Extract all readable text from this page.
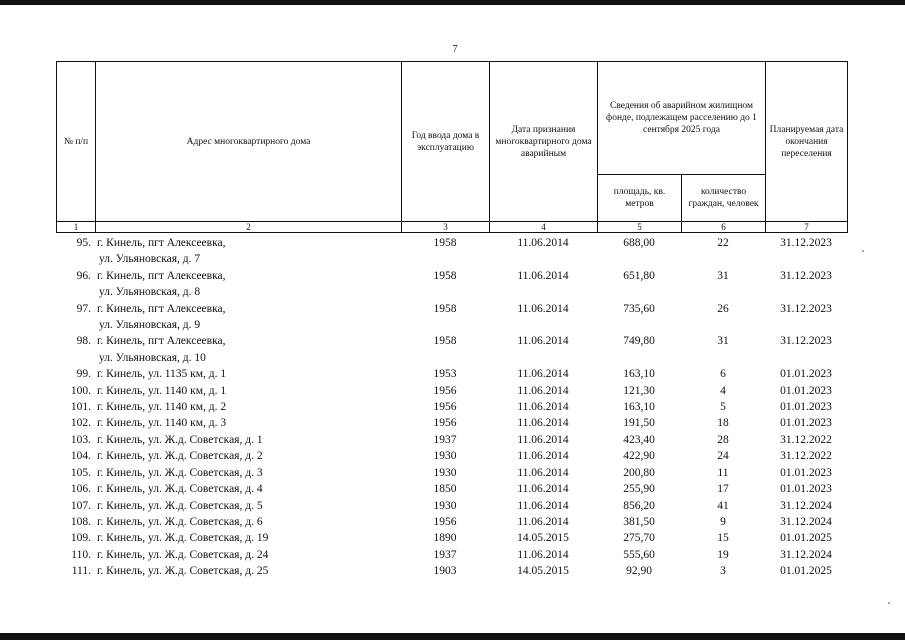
7
№ п/п	Адрес многоквартирного дома	Год ввода дома в эксплуатацию	Дата признания многоквартирного дома аварийным	Сведения об аварийном жилищном фонде, подлежащем расселению до 1 сентября 2025 года		Планируемая дата окончания переселения
				площадь, кв. метров	количество граждан, человек	
1	2	3	4	5	6	7
95.	г. Кинель, пгт Алексеевка,
ул. Ульяновская, д. 7	1958	11.06.2014	688,00	22	31.12.2023
96.	г. Кинель, пгт Алексеевка,
ул. Ульяновская, д. 8	1958	11.06.2014	651,80	31	31.12.2023
97.	г. Кинель, пгт Алексеевка,
ул. Ульяновская, д. 9	1958	11.06.2014	735,60	26	31.12.2023
98.	г. Кинель, пгт Алексеевка,
ул. Ульяновская, д. 10	1958	11.06.2014	749,80	31	31.12.2023
99.	г. Кинель, ул. 1135 км, д. 1	1953	11.06.2014	163,10	6	01.01.2023
100.	г. Кинель, ул. 1140 км, д. 1	1956	11.06.2014	121,30	4	01.01.2023
101.	г. Кинель, ул. 1140 км, д. 2	1956	11.06.2014	163,10	5	01.01.2023
102.	г. Кинель, ул. 1140 км, д. 3	1956	11.06.2014	191,50	18	01.01.2023
103.	г. Кинель, ул. Ж.д. Советская, д. 1	1937	11.06.2014	423,40	28	31.12.2022
104.	г. Кинель, ул. Ж.д. Советская, д. 2	1930	11.06.2014	422,90	24	31.12.2022
105.	г. Кинель, ул. Ж.д. Советская, д. 3	1930	11.06.2014	200,80	11	01.01.2023
106.	г. Кинель, ул. Ж.д. Советская, д. 4	1850	11.06.2014	255,90	17	01.01.2023
107.	г. Кинель, ул. Ж.д. Советская, д. 5	1930	11.06.2014	856,20	41	31.12.2024
108.	г. Кинель, ул. Ж.д. Советская, д. 6	1956	11.06.2014	381,50	9	31.12.2024
109.	г. Кинель, ул. Ж.д. Советская, д. 19	1890	14.05.2015	275,70	15	01.01.2025
110.	г. Кинель, ул. Ж.д. Советская, д. 24	1937	11.06.2014	555,60	19	31.12.2024
111.	г. Кинель, ул. Ж.д. Советская, д. 25	1903	14.05.2015	92,90	3	01.01.2025
